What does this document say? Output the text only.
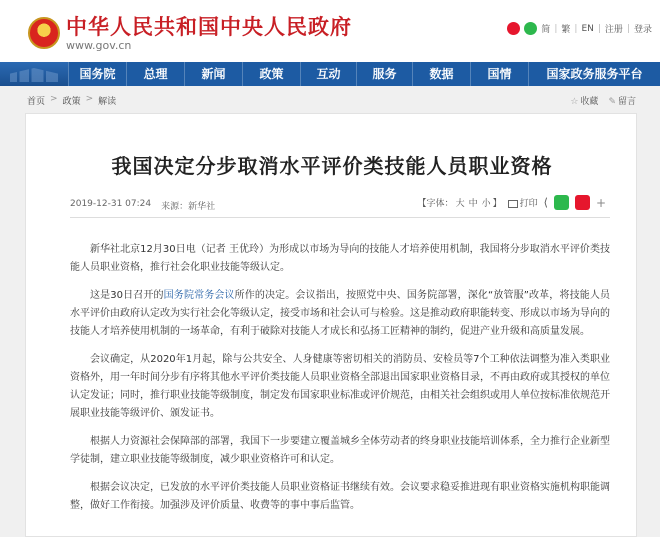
中华人民共和国中央人民政府
www.gov.cn
简 | 繁 | EN | 注册 | 登录
国务院	总理	新闻	政策	互动	服务	数据	国情	国家政务服务平台
首页 > 政策 > 解读	☆ 收藏 ✎ 留言
我国决定分步取消水平评价类技能人员职业资格
2019-12-31 07:24 来源：新华社	【字体： 大 中 小 】	打印 ⟨	+

新华社北京12月30日电（记者 王优玲）为形成以市场为导向的技能人才培养使用机制，我国将分步取消水平评价类技能人员职业资格，推行社会化职业技能等级认定。

这是30日召开的国务院常务会议所作的决定。会议指出，按照党中央、国务院部署，深化“放管服”改革，将技能人员水平评价由政府认定改为实行社会化等级认定，接受市场和社会认可与检验。这是推动政府职能转变、形成以市场为导向的技能人才培养使用机制的一场革命，有利于破除对技能人才成长和弘扬工匠精神的制约，促进产业升级和高质量发展。

会议确定，从2020年1月起，除与公共安全、人身健康等密切相关的消防员、安检员等7个工种依法调整为准入类职业资格外，用一年时间分步有序将其他水平评价类技能人员职业资格全部退出国家职业资格目录，不再由政府或其授权的单位认定发证；同时，推行职业技能等级制度，制定发布国家职业标准或评价规范，由相关社会组织或用人单位按标准依规范开展职业技能等级评价、颁发证书。

根据人力资源社会保障部的部署，我国下一步要建立覆盖城乡全体劳动者的终身职业技能培训体系，全力推行企业新型学徒制，建立职业技能等级制度，减少职业资格许可和认定。

根据会议决定，已发放的水平评价类技能人员职业资格证书继续有效。会议要求稳妥推进现有职业资格实施机构职能调整，做好工作衔接。加强涉及评价质量、收费等的事中事后监管。
